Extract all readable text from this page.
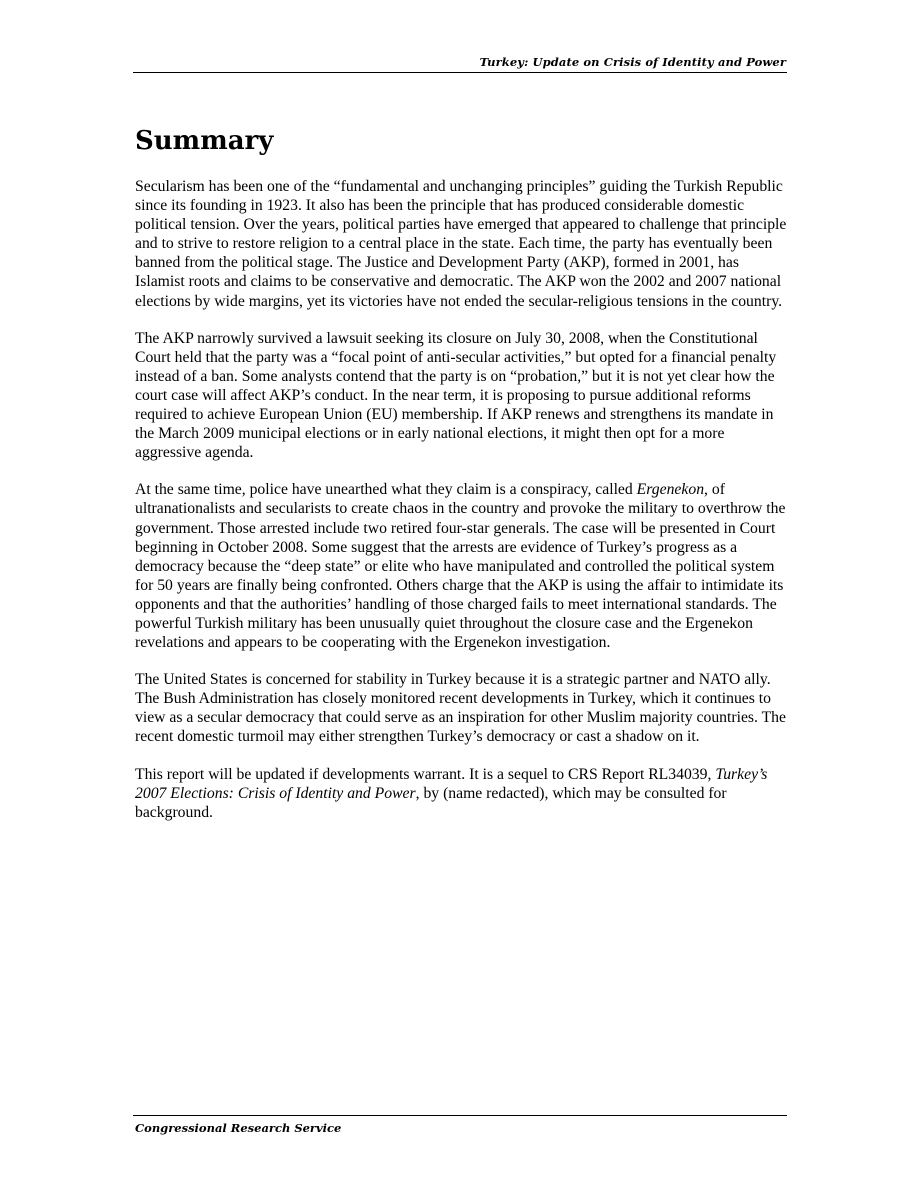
Turkey: Update on Crisis of Identity and Power
Summary

Secularism has been one of the “fundamental and unchanging principles” guiding the Turkish Republic since its founding in 1923. It also has been the principle that has produced considerable domestic political tension. Over the years, political parties have emerged that appeared to challenge that principle and to strive to restore religion to a central place in the state. Each time, the party has eventually been banned from the political stage. The Justice and Development Party (AKP), formed in 2001, has Islamist roots and claims to be conservative and democratic. The AKP won the 2002 and 2007 national elections by wide margins, yet its victories have not ended the secular-religious tensions in the country.

The AKP narrowly survived a lawsuit seeking its closure on July 30, 2008, when the Constitutional Court held that the party was a “focal point of anti-secular activities,” but opted for a financial penalty instead of a ban. Some analysts contend that the party is on “probation,” but it is not yet clear how the court case will affect AKP’s conduct. In the near term, it is proposing to pursue additional reforms required to achieve European Union (EU) membership. If AKP renews and strengthens its mandate in the March 2009 municipal elections or in early national elections, it might then opt for a more aggressive agenda.

At the same time, police have unearthed what they claim is a conspiracy, called Ergenekon, of ultranationalists and secularists to create chaos in the country and provoke the military to overthrow the government. Those arrested include two retired four-star generals. The case will be presented in Court beginning in October 2008. Some suggest that the arrests are evidence of Turkey’s progress as a democracy because the “deep state” or elite who have manipulated and controlled the political system for 50 years are finally being confronted. Others charge that the AKP is using the affair to intimidate its opponents and that the authorities’ handling of those charged fails to meet international standards. The powerful Turkish military has been unusually quiet throughout the closure case and the Ergenekon revelations and appears to be cooperating with the Ergenekon investigation.

The United States is concerned for stability in Turkey because it is a strategic partner and NATO ally. The Bush Administration has closely monitored recent developments in Turkey, which it continues to view as a secular democracy that could serve as an inspiration for other Muslim majority countries. The recent domestic turmoil may either strengthen Turkey’s democracy or cast a shadow on it.

This report will be updated if developments warrant. It is a sequel to CRS Report RL34039, Turkey’s 2007 Elections: Crisis of Identity and Power, by (name redacted), which may be consulted for background.

Congressional Research Service
